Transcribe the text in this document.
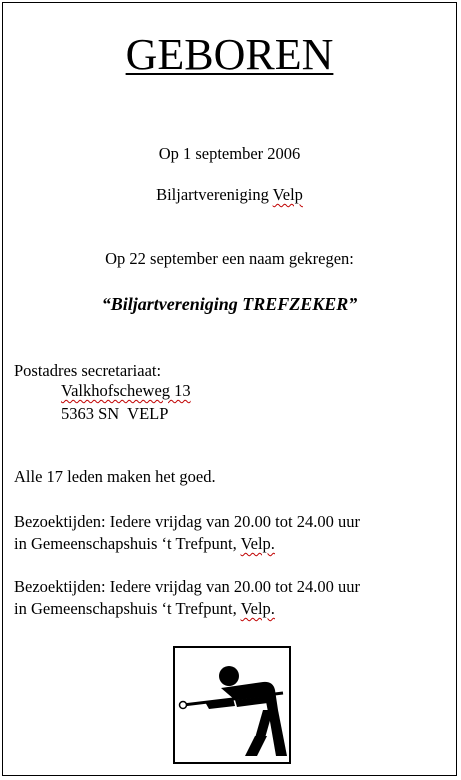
GEBOREN
Op 1 september 2006
Biljartvereniging Velp
Op 22 september een naam gekregen:
“Biljartvereniging TREFZEKER”
Postadres secretariaat:
Valkhofscheweg 13
5363 SN  VELP
Alle 17 leden maken het goed.
Bezoektijden: Iedere vrijdag van 20.00 tot 24.00 uur
in Gemeenschapshuis ‘t Trefpunt, Velp.
Bezoektijden: Iedere vrijdag van 20.00 tot 24.00 uur
in Gemeenschapshuis ‘t Trefpunt, Velp.
